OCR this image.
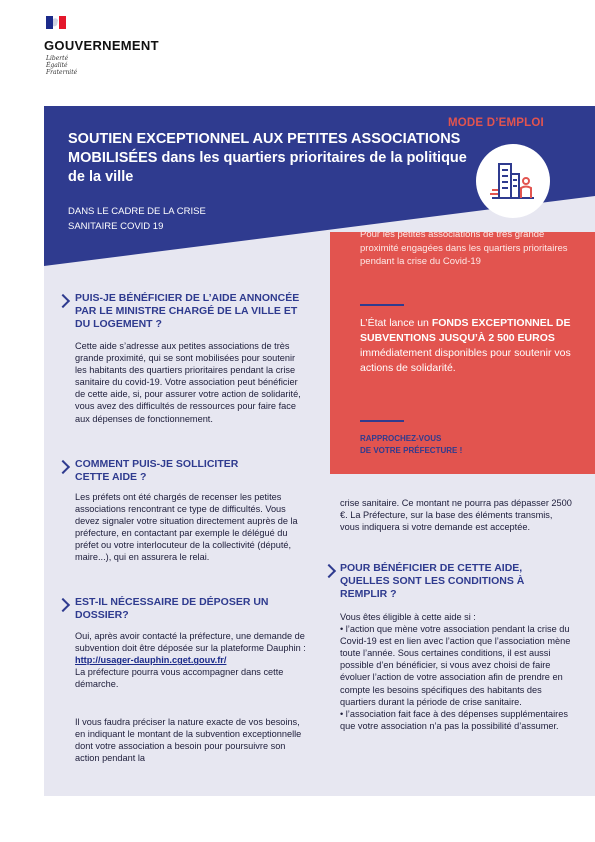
GOUVERNEMENT
Liberté
Égalité
Fraternité
MODE D’EMPLOI
SOUTIEN EXCEPTIONNEL AUX PETITES ASSOCIATIONS MOBILISÉES dans les quartiers prioritaires de la politique de la ville
DANS LE CADRE DE LA CRISE
SANITAIRE COVID 19
Pour les petites associations de très grande proximité engagées dans les quartiers prioritaires pendant la crise du Covid-19
L’État lance un FONDS EXCEPTIONNEL DE SUBVENTIONS JUSQU’À 2 500 EUROS immédiatement disponibles pour soutenir vos actions de solidarité.
RAPPROCHEZ-VOUS
DE VOTRE PRÉFECTURE !
PUIS-JE BÉNÉFICIER DE L’AIDE ANNONCÉE PAR LE MINISTRE CHARGÉ DE LA VILLE ET DU LOGEMENT ?
Cette aide s’adresse aux petites associations de très grande proximité, qui se sont mobilisées pour soutenir les habitants des quartiers prioritaires pendant la crise sanitaire du covid-19. Votre association peut bénéficier de cette aide, si, pour assurer votre action de solidarité, vous avez des difficultés de ressources pour faire face aux dépenses de fonctionnement.
COMMENT PUIS-JE SOLLICITER CETTE AIDE ?
Les préfets ont été chargés de recenser les petites associations rencontrant ce type de difficultés. Vous devez signaler votre situation directement auprès de la préfecture, en contactant par exemple le délégué du préfet ou votre interlocuteur de la collectivité (député, maire...), qui en assurera le relai.
EST-IL NÉCESSAIRE DE DÉPOSER UN DOSSIER?
Oui, après avoir contacté la préfecture, une demande de subvention doit être déposée sur la plateforme Dauphin :
http://usager-dauphin.cget.gouv.fr/
La préfecture pourra vous accompagner dans cette démarche.
Il vous faudra préciser la nature exacte de vos besoins, en indiquant le montant de la subvention exceptionnelle dont votre association a besoin pour poursuivre son action pendant la
crise sanitaire. Ce montant ne pourra pas dépasser 2500 €. La Préfecture, sur la base des éléments transmis, vous indiquera si votre demande est acceptée.
POUR BÉNÉFICIER DE CETTE AIDE, QUELLES SONT LES CONDITIONS À REMPLIR ?
Vous êtes éligible à cette aide si :
• l’action que mène votre association pendant la crise du Covid-19 est en lien avec l’action que l’association mène toute l’année. Sous certaines conditions, il est aussi possible d’en bénéficier, si vous avez choisi de faire évoluer l’action de votre association afin de prendre en compte les besoins spécifiques des habitants des quartiers durant la période de crise sanitaire.
• l’association fait face à des dépenses supplémentaires que votre association n’a pas la possibilité d’assumer.
